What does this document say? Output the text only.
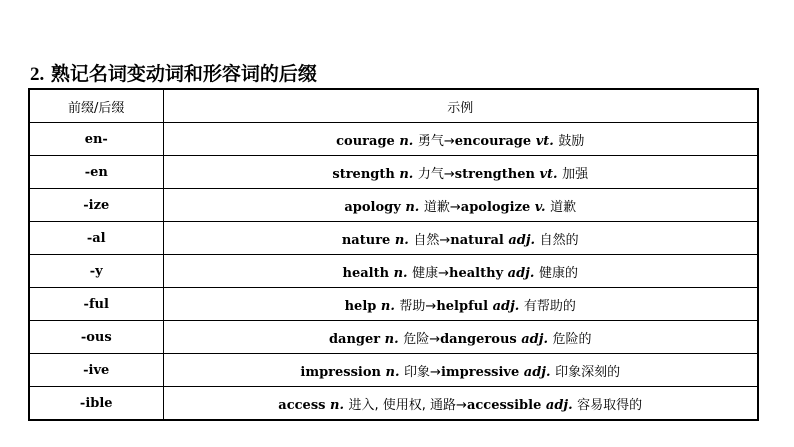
2. 熟记名词变动词和形容词的后缀
前缀/后缀	示例
en-	courage n. 勇气→encourage vt. 鼓励
-en	strength n. 力气→strengthen vt. 加强
-ize	apology n. 道歉→apologize v. 道歉
-al	nature n. 自然→natural adj. 自然的
-y	health n. 健康→healthy adj. 健康的
-ful	help n. 帮助→helpful adj. 有帮助的
-ous	danger n. 危险→dangerous adj. 危险的
-ive	impression n. 印象→impressive adj. 印象深刻的
-ible	access n. 进入, 使用权, 通路→accessible adj. 容易取得的
